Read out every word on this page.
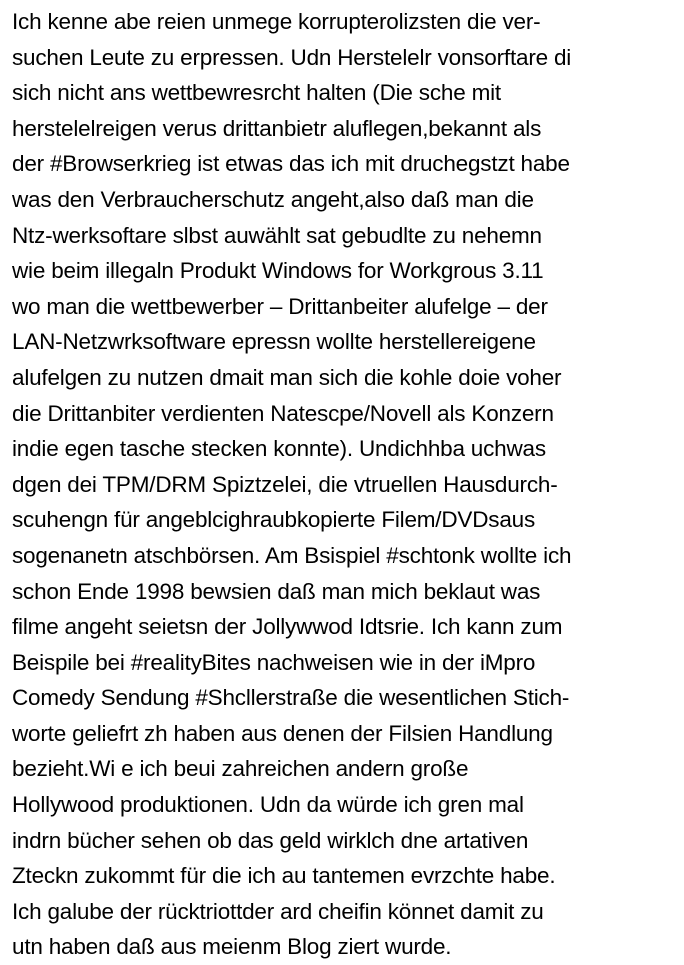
Ich kenne abe reien unmege korrupterolizsten die ver-
suchen Leute zu erpressen. Udn Herstelelr vonsorftare di
sich nicht ans wettbewresrcht halten (Die sche mit
herstelelreigen verus drittanbietr aluflegen,bekannt als
der #Browserkrieg ist etwas das ich mit druchegstzt habe
was den Verbraucherschutz angeht,also daß man die
Ntz-werksoftare slbst auwählt sat gebudlte zu nehemn
wie beim illegaln Produkt Windows for Workgrous 3.11
wo man die wettbewerber – Drittanbeiter alufelge – der
LAN-Netzwrksoftware epressn wollte herstellereigene
alufelgen zu nutzen dmait man sich die kohle doie voher
die Drittanbiter verdienten Natescpe/Novell als Konzern
indie egen tasche stecken konnte). Undichhba uchwas
dgen dei TPM/DRM Spiztzelei, die vtruellen Hausdurch-
scuhengn für angeblcighraubkopierte Filem/DVDsaus
sogenanetn atschbörsen. Am Bsispiel #schtonk wollte ich
schon Ende 1998 bewsien daß man mich beklaut was
filme angeht seietsn der Jollywwod Idtsrie. Ich kann zum
Beispile bei #realityBites nachweisen wie in der iMpro
Comedy Sendung #Shcllerstraße die wesentlichen Stich-
worte geliefrt zh haben aus denen der Filsien Handlung
bezieht.Wi e ich beui zahreichen andern große
Hollywood produktionen. Udn da würde ich gren mal
indrn bücher sehen ob das geld wirklch dne artativen
Zteckn zukommt für die ich au tantemen evrzchte habe.
Ich galube der rücktriottder ard cheifin könnet damit zu
utn haben daß aus meienm Blog ziert wurde.
